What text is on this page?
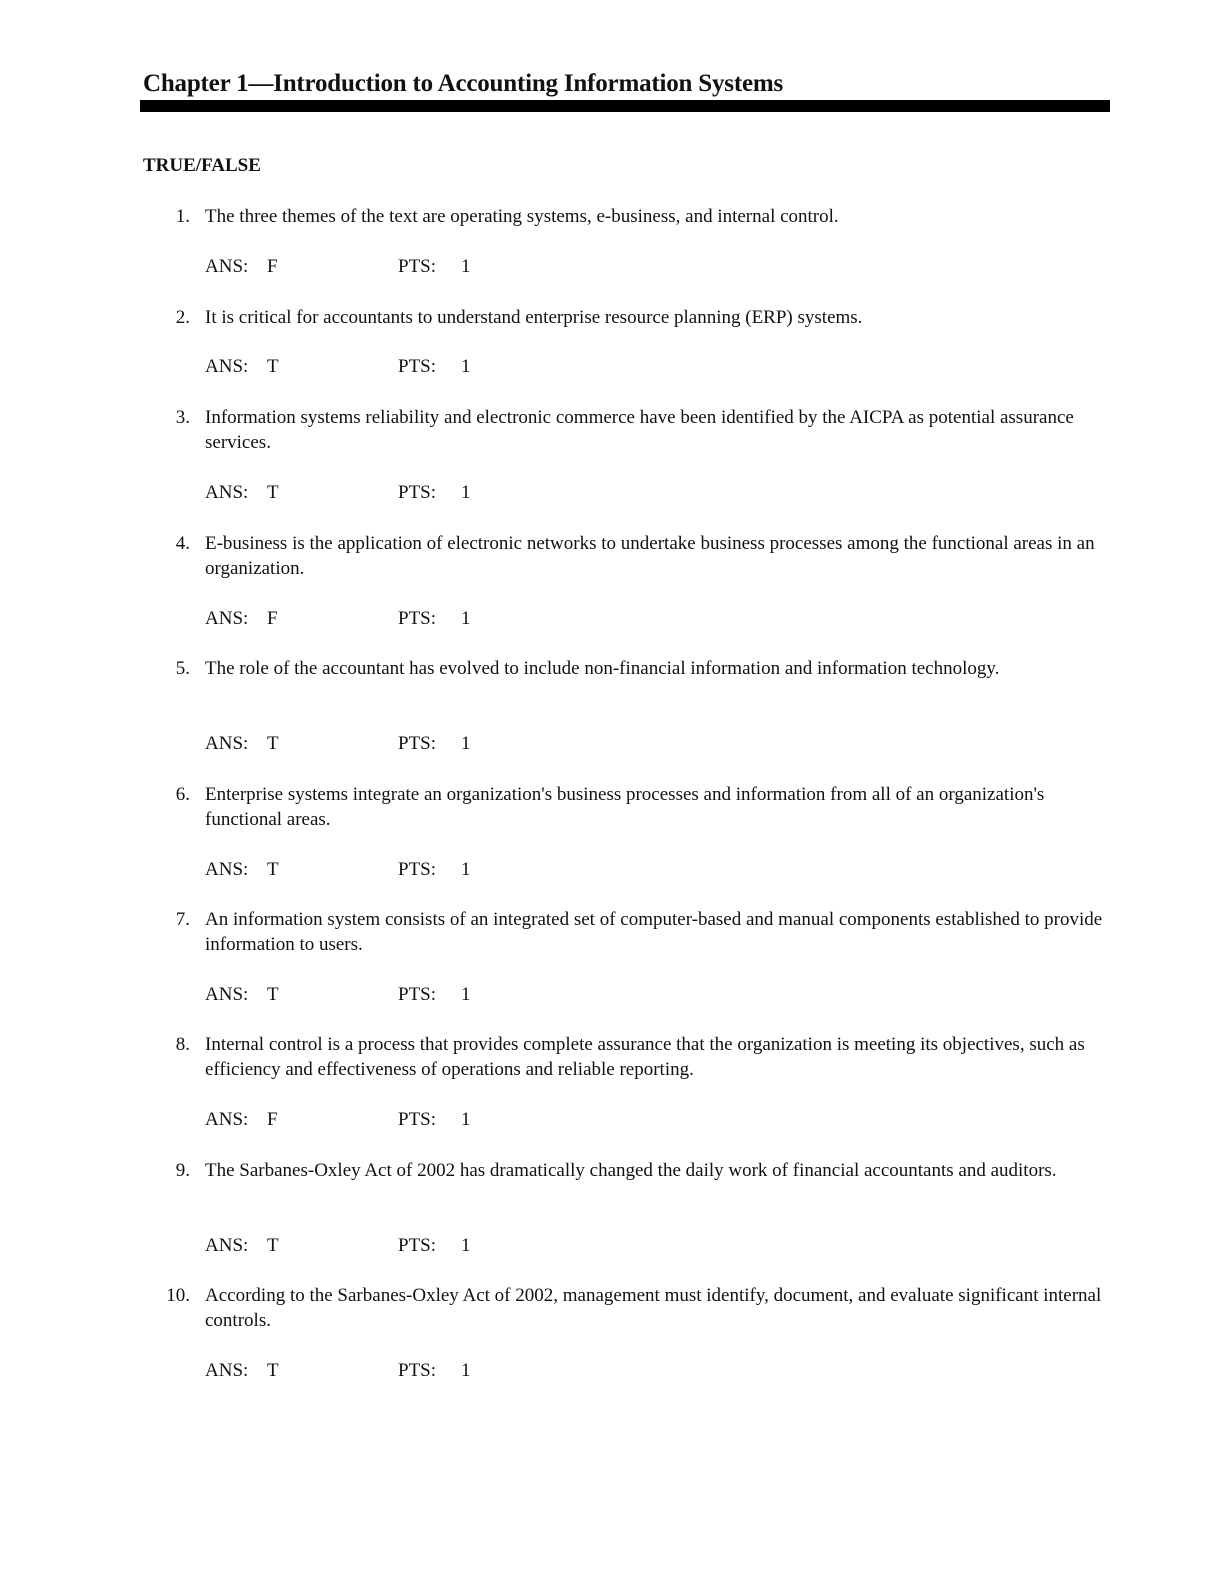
Chapter 1—Introduction to Accounting Information Systems
TRUE/FALSE
1. The three themes of the text are operating systems, e-business, and internal control.
ANS: F	PTS: 1
2. It is critical for accountants to understand enterprise resource planning (ERP) systems.
ANS: T	PTS: 1
3. Information systems reliability and electronic commerce have been identified by the AICPA as potential assurance services.
ANS: T	PTS: 1
4. E-business is the application of electronic networks to undertake business processes among the functional areas in an organization.
ANS: F	PTS: 1
5. The role of the accountant has evolved to include non-financial information and information technology.
ANS: T	PTS: 1
6. Enterprise systems integrate an organization's business processes and information from all of an organization's functional areas.
ANS: T	PTS: 1
7. An information system consists of an integrated set of computer-based and manual components established to provide information to users.
ANS: T	PTS: 1
8. Internal control is a process that provides complete assurance that the organization is meeting its objectives, such as efficiency and effectiveness of operations and reliable reporting.
ANS: F	PTS: 1
9. The Sarbanes-Oxley Act of 2002 has dramatically changed the daily work of financial accountants and auditors.
ANS: T	PTS: 1
10. According to the Sarbanes-Oxley Act of 2002, management must identify, document, and evaluate significant internal controls.
ANS: T	PTS: 1
